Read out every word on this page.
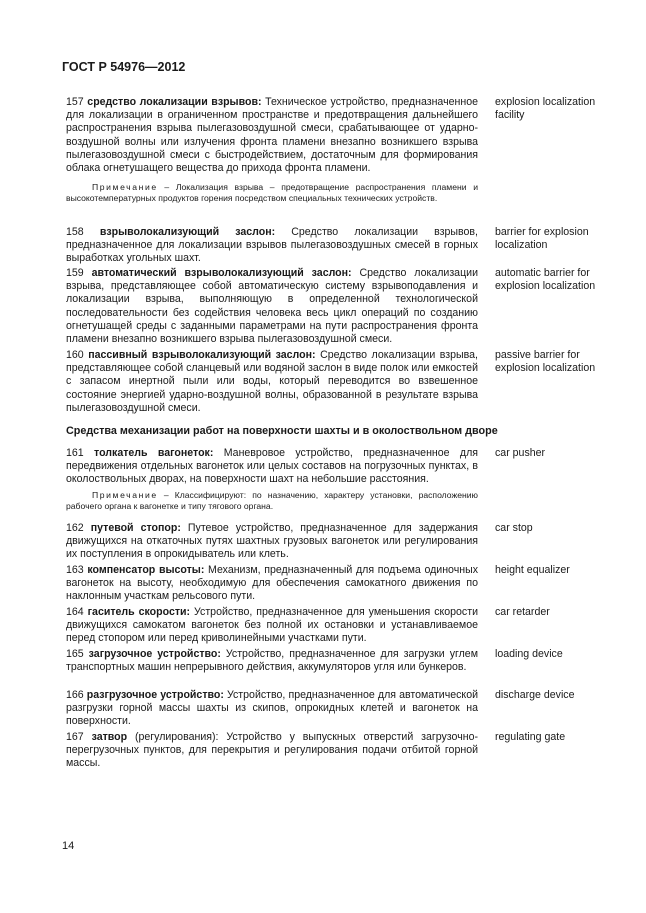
ГОСТ Р 54976—2012
157 средство локализации взрывов: Техническое устройство, предназначенное для локализации в ограниченном пространстве и предотвращения дальнейшего распространения взрыва пылегазовоздушной смеси, срабатывающее от ударно-воздушной волны или излучения фронта пламени внезапно возникшего взрыва пылегазовоздушной смеси с быстродействием, достаточным для формирования облака огнетушащего вещества до прихода фронта пламени.
explosion localization facility
Примечание – Локализация взрыва – предотвращение распространения пламени и высокотемпературных продуктов горения посредством специальных технических устройств.
158 взрыволокализующий заслон: Средство локализации взрывов, предназначенное для локализации взрывов пылегазовоздушных смесей в горных выработках угольных шахт.
barrier for explosion localization
159 автоматический взрыволокализующий заслон: Средство локализации взрыва, представляющее собой автоматическую систему взрывоподавления и локализации взрыва, выполняющую в определенной технологической последовательности без содействия человека весь цикл операций по созданию огнетушащей среды с заданными параметрами на пути распространения фронта пламени внезапно возникшего взрыва пылегазовоздушной смеси.
automatic barrier for explosion localization
160 пассивный взрыволокализующий заслон: Средство локализации взрыва, представляющее собой сланцевый или водяной заслон в виде полок или емкостей с запасом инертной пыли или воды, который переводится во взвешенное состояние энергией ударно-воздушной волны, образованной в результате взрыва пылегазовоздушной смеси.
passive barrier for explosion localization
Средства механизации работ на поверхности шахты и в околоствольном дворе
161 толкатель вагонеток: Маневровое устройство, предназначенное для передвижения отдельных вагонеток или целых составов на погрузочных пунктах, в околоствольных дворах, на поверхности шахт на небольшие расстояния.
car pusher
Примечание – Классифицируют: по назначению, характеру установки, расположению рабочего органа к вагонетке и типу тягового органа.
162 путевой стопор: Путевое устройство, предназначенное для задержания движущихся на откаточных путях шахтных грузовых вагонеток или регулирования их поступления в опрокидыватель или клеть.
car stop
163 компенсатор высоты: Механизм, предназначенный для подъема одиночных вагонеток на высоту, необходимую для обеспечения самокатного движения по наклонным участкам рельсового пути.
height equalizer
164 гаситель скорости: Устройство, предназначенное для уменьшения скорости движущихся самокатом вагонеток без полной их остановки и устанавливаемое перед стопором или перед криволинейными участками пути.
car retarder
165 загрузочное устройство: Устройство, предназначенное для загрузки углем транспортных машин непрерывного действия, аккумуляторов угля или бункеров.
loading device
166 разгрузочное устройство: Устройство, предназначенное для автоматической разгрузки горной массы шахты из скипов, опрокидных клетей и вагонеток на поверхности.
discharge device
167 затвор (регулирования): Устройство у выпускных отверстий загрузочно-перегрузочных пунктов, для перекрытия и регулирования подачи отбитой горной массы.
regulating gate
14
